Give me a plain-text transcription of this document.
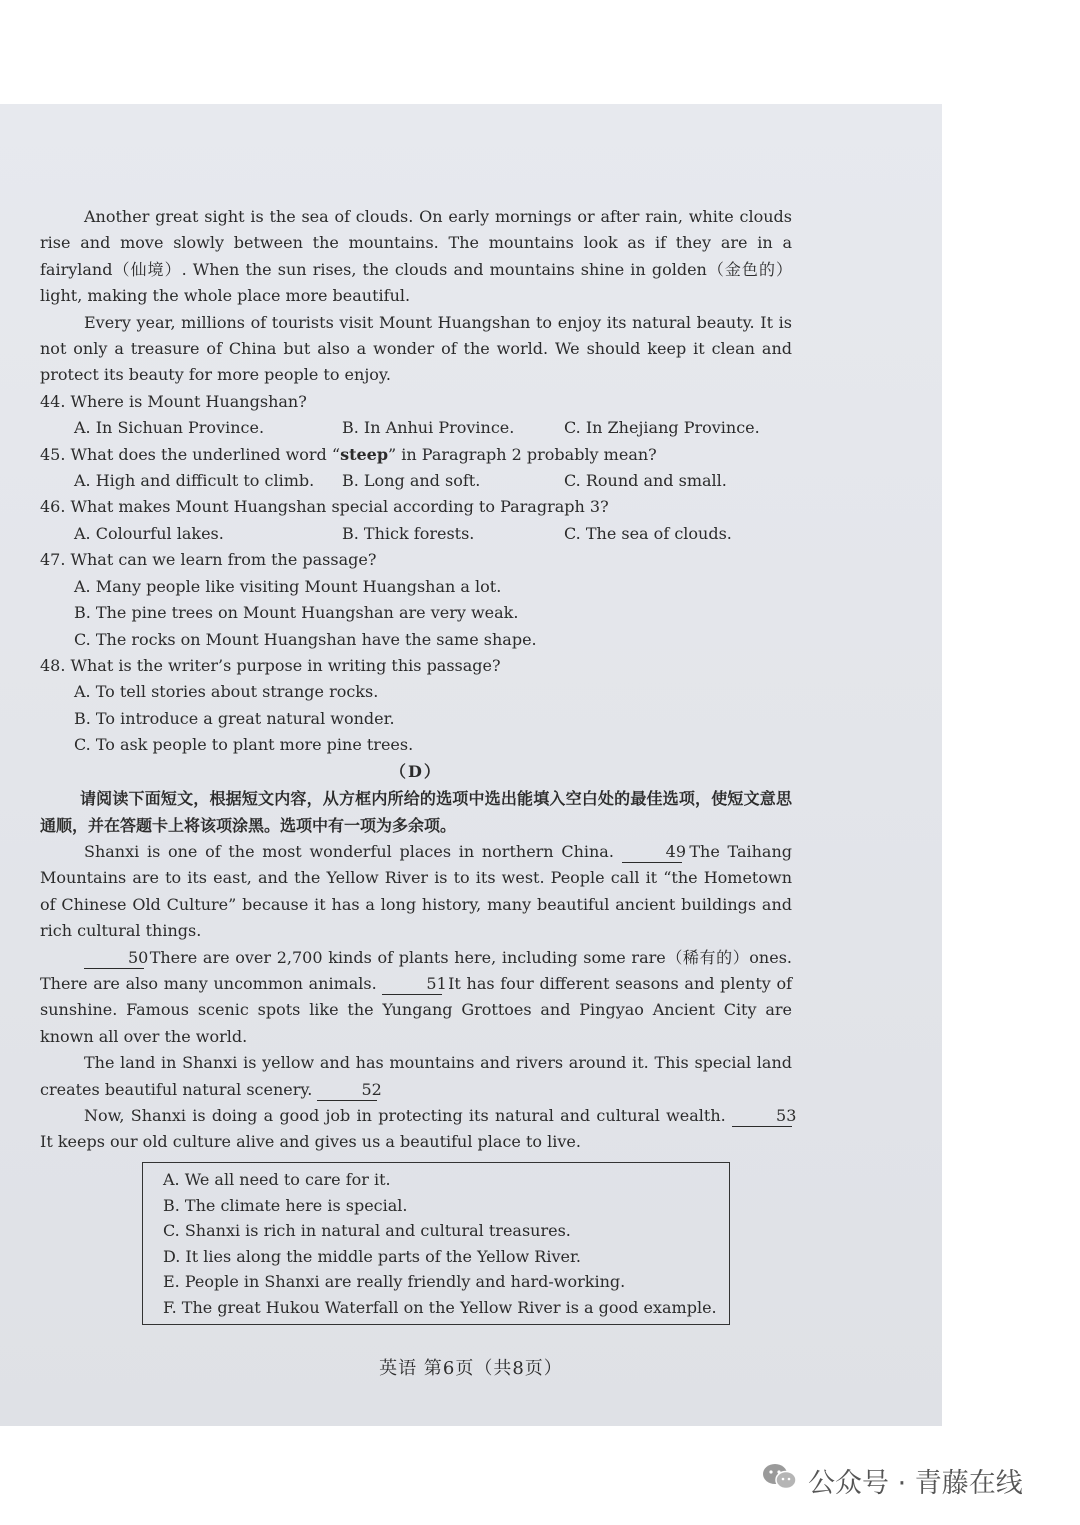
Another great sight is the sea of clouds. On early mornings or after rain, white clouds rise and move slowly between the mountains. The mountains look as if they are in a fairyland（仙境）. When the sun rises, the clouds and mountains shine in golden（金色的）light, making the whole place more beautiful.

Every year, millions of tourists visit Mount Huangshan to enjoy its natural beauty. It is not only a treasure of China but also a wonder of the world. We should keep it clean and protect its beauty for more people to enjoy.

44. Where is Mount Huangshan?

A. In Sichuan Province.	B. In Anhui Province.	C. In Zhejiang Province.

45. What does the underlined word “steep” in Paragraph 2 probably mean?

A. High and difficult to climb.	B. Long and soft.	C. Round and small.

46. What makes Mount Huangshan special according to Paragraph 3?

A. Colourful lakes.	B. Thick forests.	C. The sea of clouds.

47. What can we learn from the passage?

A. Many people like visiting Mount Huangshan a lot.

B. The pine trees on Mount Huangshan are very weak.

C. The rocks on Mount Huangshan have the same shape.

48. What is the writer’s purpose in writing this passage?

A. To tell stories about strange rocks.

B. To introduce a great natural wonder.

C. To ask people to plant more pine trees.

（D）

请阅读下面短文，根据短文内容，从方框内所给的选项中选出能填入空白处的最佳选项，使短文意思通顺，并在答题卡上将该项涂黑。选项中有一项为多余项。

Shanxi is one of the most wonderful places in northern China.	49 The Taihang Mountains are to its east, and the Yellow River is to its west. People call it “the Hometown of Chinese Old Culture” because it has a long history, many beautiful ancient buildings and rich cultural things.

50 There are over 2,700 kinds of plants here, including some rare（稀有的）ones. There are also many uncommon animals.	51 It has four different seasons and plenty of sunshine. Famous scenic spots like the Yungang Grottoes and Pingyao Ancient City are known all over the world.

The land in Shanxi is yellow and has mountains and rivers around it. This special land creates beautiful natural scenery.	52

Now, Shanxi is doing a good job in protecting its natural and cultural wealth.	53 It keeps our old culture alive and gives us a beautiful place to live.

A. We all need to care for it.
B. The climate here is special.
C. Shanxi is rich in natural and cultural treasures.
D. It lies along the middle parts of the Yellow River.
E. People in Shanxi are really friendly and hard-working.
F. The great Hukou Waterfall on the Yellow River is a good example.
英语 第6页（共8页）
公众号 · 青藤在线
